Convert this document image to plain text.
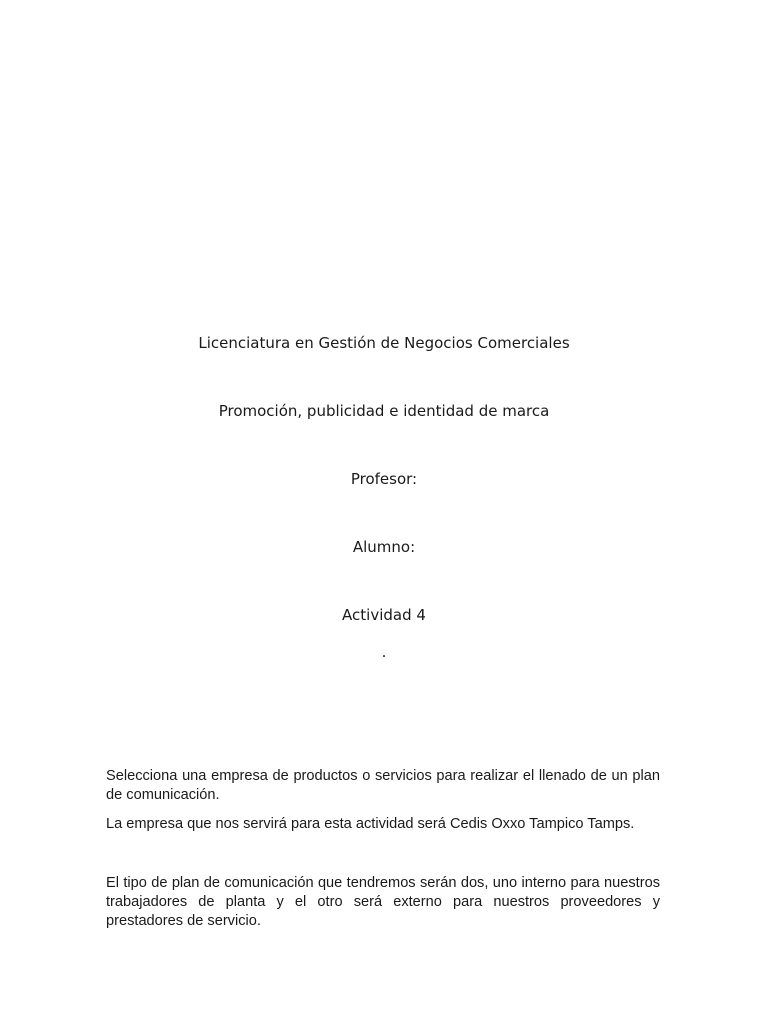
Licenciatura en Gestión de Negocios Comerciales
Promoción, publicidad e identidad de marca
Profesor:
Alumno:
Actividad 4
.

Selecciona una empresa de productos o servicios para realizar el llenado de un plan de comunicación.

La empresa que nos servirá para esta actividad será Cedis Oxxo Tampico Tamps.

El tipo de plan de comunicación que tendremos serán dos, uno interno para nuestros trabajadores de planta y el otro será externo para nuestros proveedores y prestadores de servicio.
